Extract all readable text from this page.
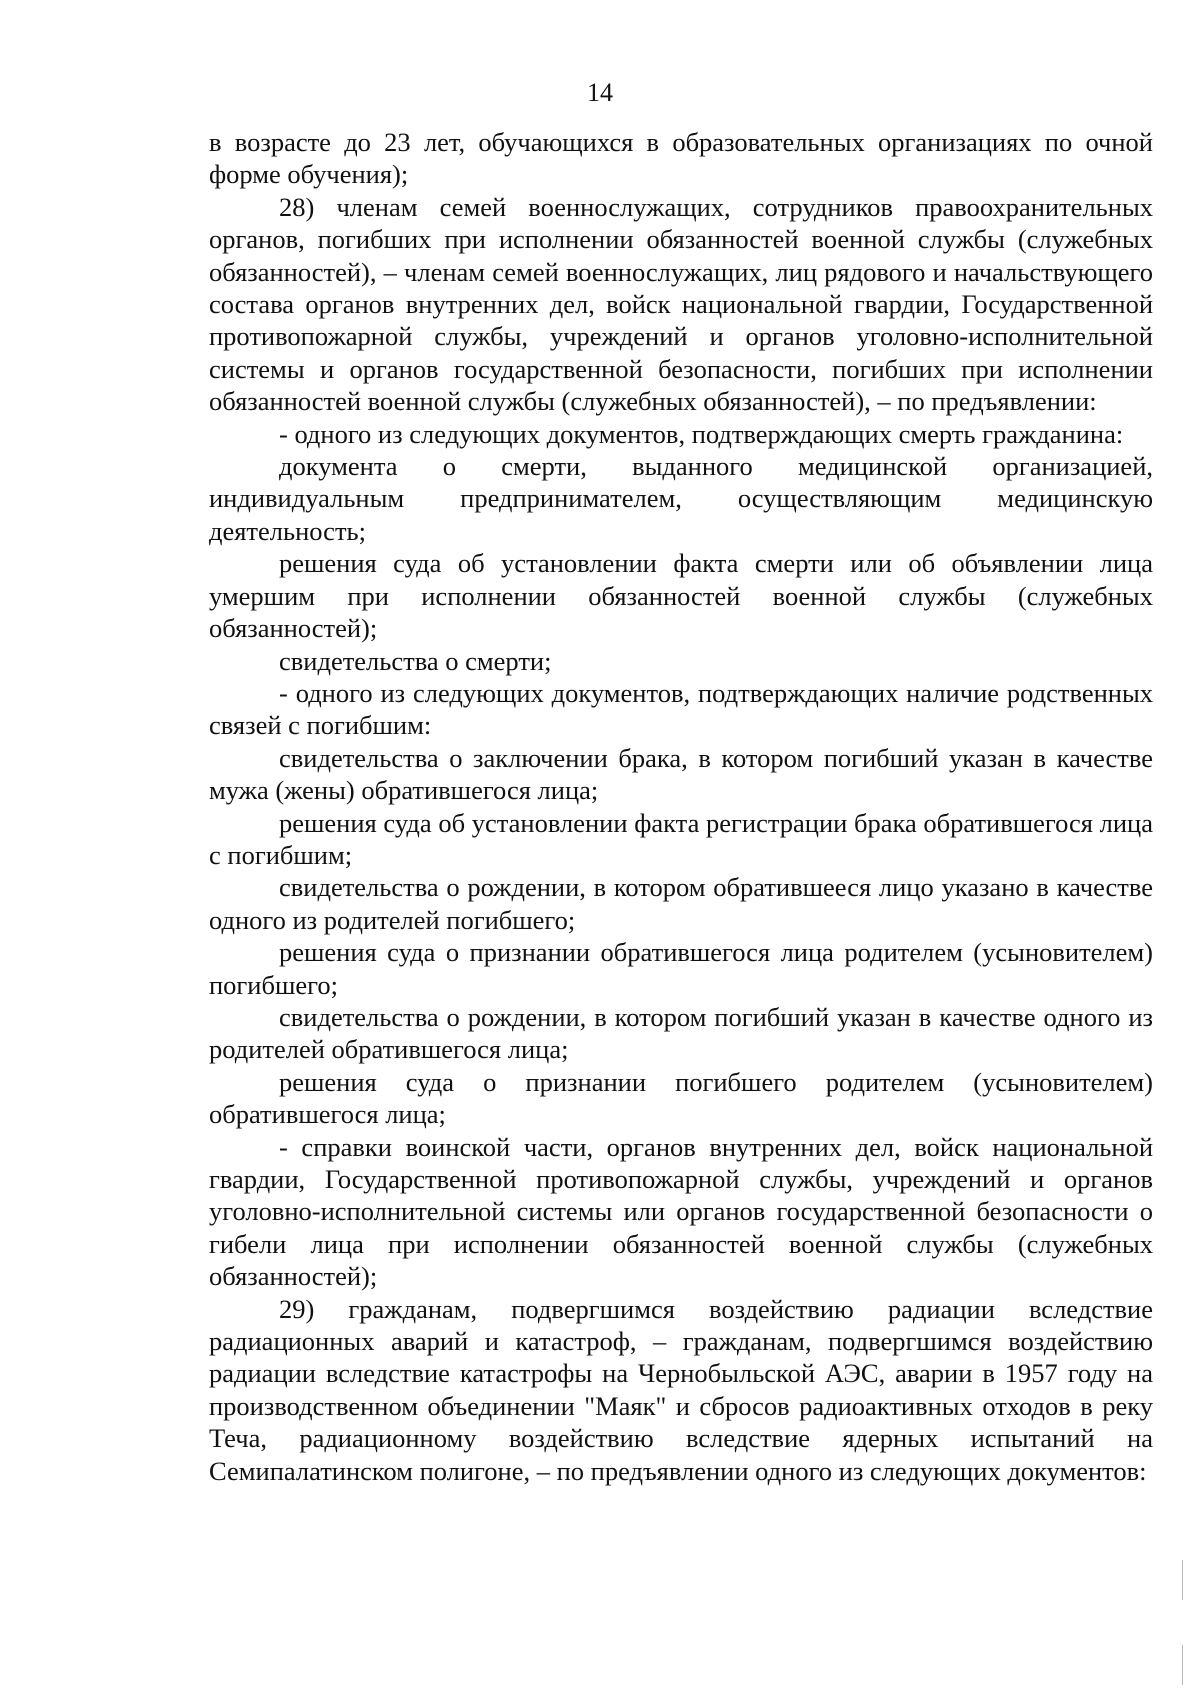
14

в возрасте до 23 лет, обучающихся в образовательных организациях по очной форме обучения);

28) членам семей военнослужащих, сотрудников правоохранительных органов, погибших при исполнении обязанностей военной службы (служебных обязанностей), – членам семей военнослужащих, лиц рядового и начальствующего состава органов внутренних дел, войск национальной гвардии, Государственной противопожарной службы, учреждений и органов уголовно-исполнительной системы и органов государственной безопасности, погибших при исполнении обязанностей военной службы (служебных обязанностей), – по предъявлении:

- одного из следующих документов, подтверждающих смерть гражданина:

документа о смерти, выданного медицинской организацией, индивидуальным предпринимателем, осуществляющим медицинскую деятельность;

решения суда об установлении факта смерти или об объявлении лица умершим при исполнении обязанностей военной службы (служебных обязанностей);

свидетельства о смерти;

- одного из следующих документов, подтверждающих наличие родственных связей с погибшим:

свидетельства о заключении брака, в котором погибший указан в качестве мужа (жены) обратившегося лица;

решения суда об установлении факта регистрации брака обратившегося лица с погибшим;

свидетельства о рождении, в котором обратившееся лицо указано в качестве одного из родителей погибшего;

решения суда о признании обратившегося лица родителем (усыновителем) погибшего;

свидетельства о рождении, в котором погибший указан в качестве одного из родителей обратившегося лица;

решения суда о признании погибшего родителем (усыновителем) обратившегося лица;

- справки воинской части, органов внутренних дел, войск национальной гвардии, Государственной противопожарной службы, учреждений и органов уголовно-исполнительной системы или органов государственной безопасности о гибели лица при исполнении обязанностей военной службы (служебных обязанностей);

29) гражданам, подвергшимся воздействию радиации вследствие радиационных аварий и катастроф, – гражданам, подвергшимся воздействию радиации вследствие катастрофы на Чернобыльской АЭС, аварии в 1957 году на производственном объединении "Маяк" и сбросов радиоактивных отходов в реку Теча, радиационному воздействию вследствие ядерных испытаний на Семипалатинском полигоне, – по предъявлении одного из следующих документов:
